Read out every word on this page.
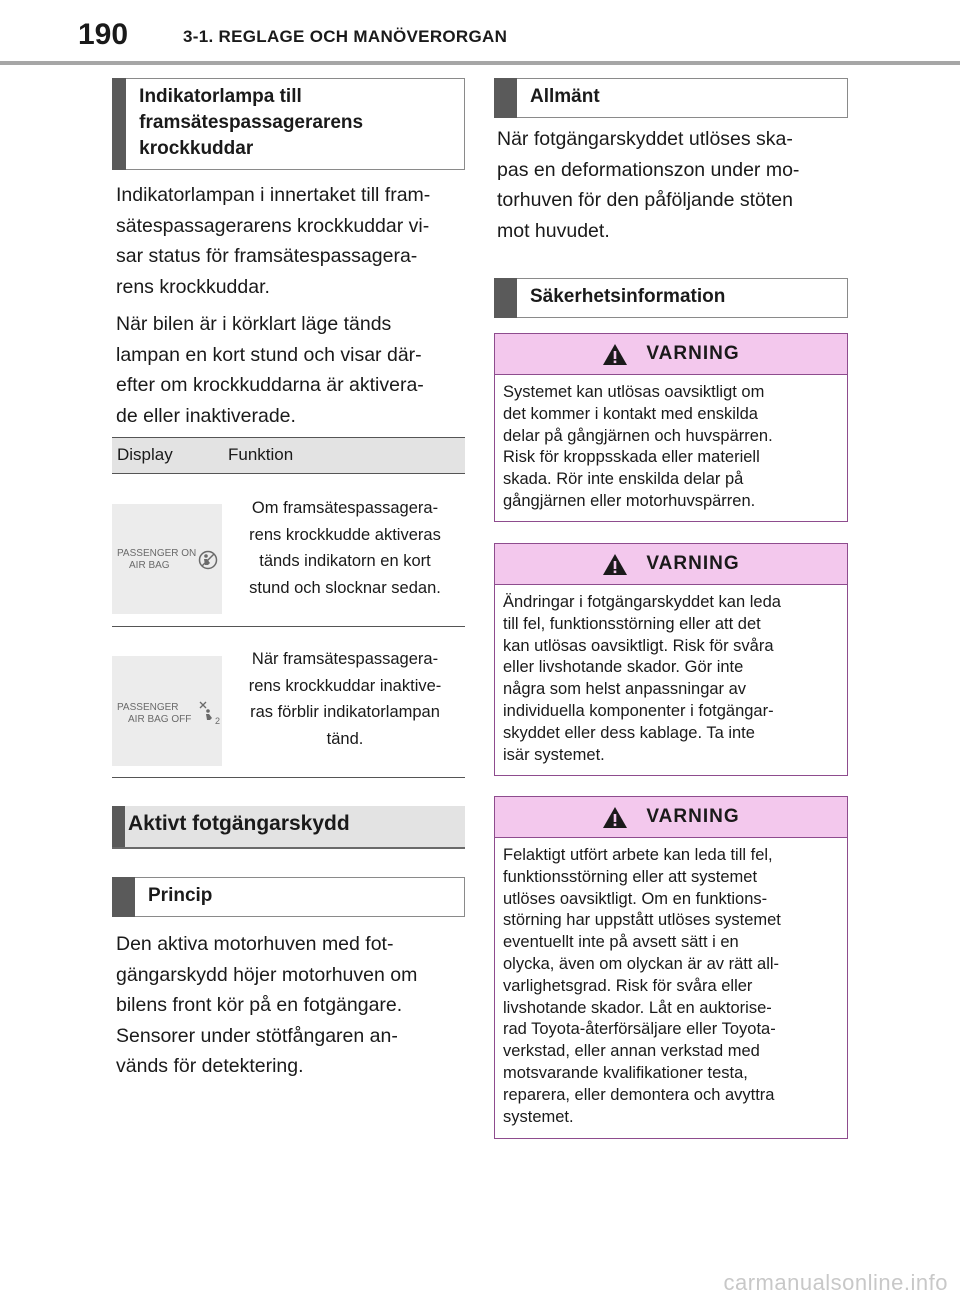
190	3-1. REGLAGE OCH MANÖVERORGAN
Indikatorlampa till framsätespassagerarens krockkuddar
Indikatorlampan i innertaket till fram-
sätespassagerarens krockkuddar vi-
sar status för framsätespassagera-
rens krockkuddar.
När bilen är i körklart läge tänds
lampan en kort stund och visar där-
efter om krockkuddarna är aktivera-
de eller inaktiverade.
Display	Funktion
PASSENGER ON
AIR BAG
Om framsätespassagera-
rens krockkudde aktiveras
tänds indikatorn en kort
stund och slocknar sedan.
PASSENGER
AIR BAG OFF	2
När framsätespassagera-
rens krockkuddar inaktive-
ras förblir indikatorlampan
tänd.
Aktivt fotgängarskydd
Princip
Den aktiva motorhuven med fot-
gängarskydd höjer motorhuven om
bilens front kör på en fotgängare.
Sensorer under stötfångaren an-
vänds för detektering.
Allmänt
När fotgängarskyddet utlöses ska-
pas en deformationszon under mo-
torhuven för den påföljande stöten
mot huvudet.
Säkerhetsinformation
VARNING
Systemet kan utlösas oavsiktligt om
det kommer i kontakt med enskilda
delar på gångjärnen och huvspärren.
Risk för kroppsskada eller materiell
skada. Rör inte enskilda delar på
gångjärnen eller motorhuvspärren.
VARNING
Ändringar i fotgängarskyddet kan leda
till fel, funktionsstörning eller att det
kan utlösas oavsiktligt. Risk för svåra
eller livshotande skador. Gör inte
några som helst anpassningar av
individuella komponenter i fotgängar-
skyddet eller dess kablage. Ta inte
isär systemet.
VARNING
Felaktigt utfört arbete kan leda till fel,
funktionsstörning eller att systemet
utlöses oavsiktligt. Om en funktions-
störning har uppstått utlöses systemet
eventuellt inte på avsett sätt i en
olycka, även om olyckan är av rätt all-
varlighetsgrad. Risk för svåra eller
livshotande skador. Låt en auktorise-
rad Toyota-återförsäljare eller Toyota-
verkstad, eller annan verkstad med
motsvarande kvalifikationer testa,
reparera, eller demontera och avyttra
systemet.
carmanualsonline.info
